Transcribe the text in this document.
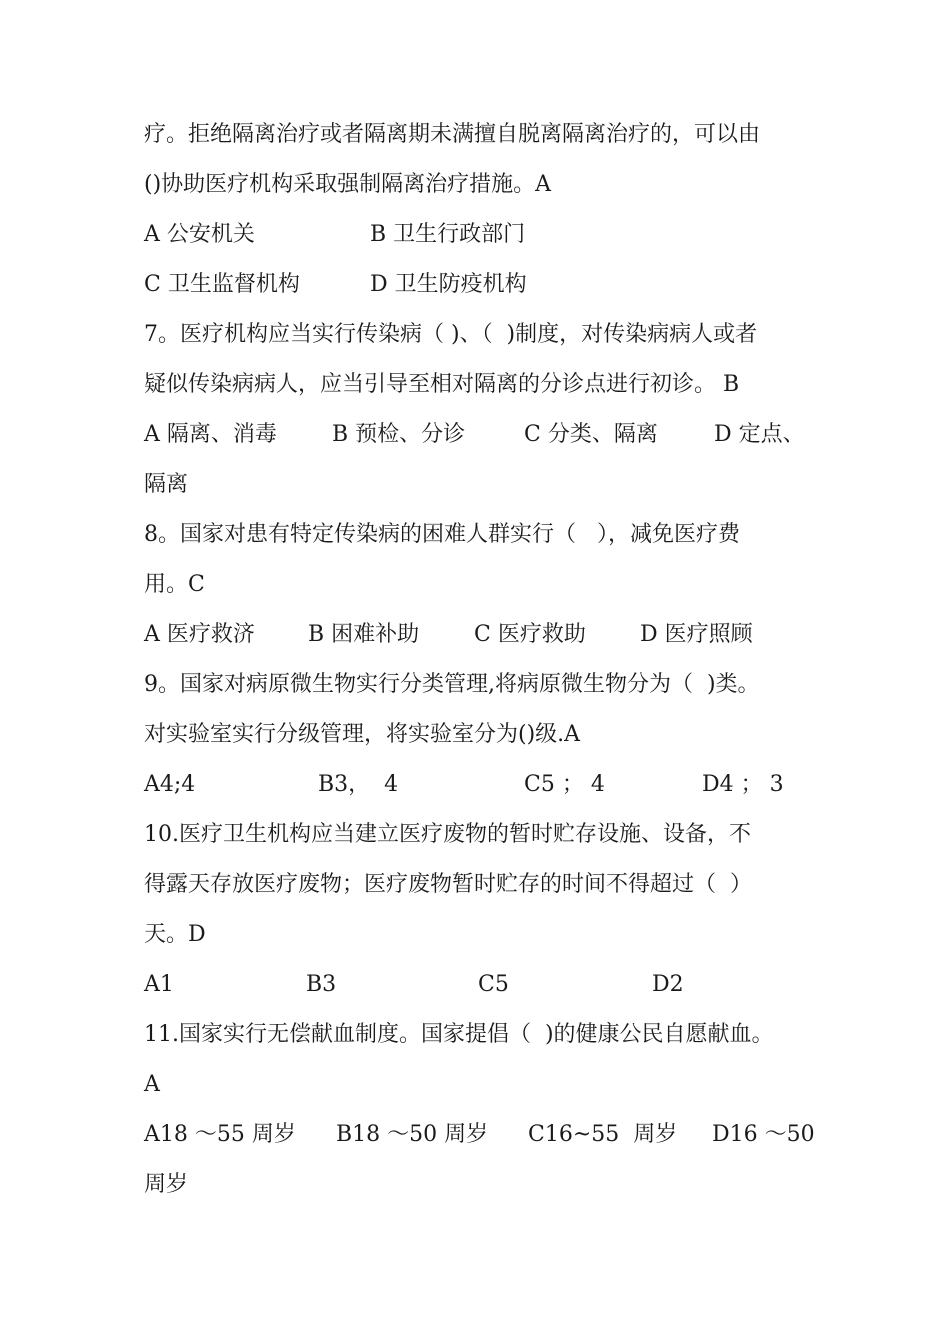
疗。拒绝隔离治疗或者隔离期未满擅自脱离隔离治疗的，可以由
()协助医疗机构采取强制隔离治疗措施。A

A 公安机关

	B 卫生行政部门

C 卫生监督机构

	D 卫生防疫机构

7。医疗机构应当实行传染病（ )、（  )制度，对传染病病人或者
疑似传染病病人，应当引导至相对隔离的分诊点进行初诊。 B

A 隔离、消毒

	B 预检、分诊

	C 分类、隔离

	D 定点、

隔离
8。国家对患有特定传染病的困难人群实行（   ），减免医疗费
用。C

A 医疗救济

B 困难补助

C 医疗救助

D 医疗照顾

9。国家对病原微生物实行分类管理,将病原微生物分为（  )类。
对实验室实行分级管理，将实验室分为()级.A

A4;4

	B3，  4

	C5 ； 4

	D4 ； 3

10.医疗卫生机构应当建立医疗废物的暂时贮存设施、设备，不
得露天存放医疗废物；医疗废物暂时贮存的时间不得超过（  ）
天。D

A1

	B3

	C5

	D2

11.国家实行无偿献血制度。国家提倡（  )的健康公民自愿献血。
A

A18 ～55 周岁

B18 ～50 周岁

C16~55  周岁

D16 ～50

周岁
